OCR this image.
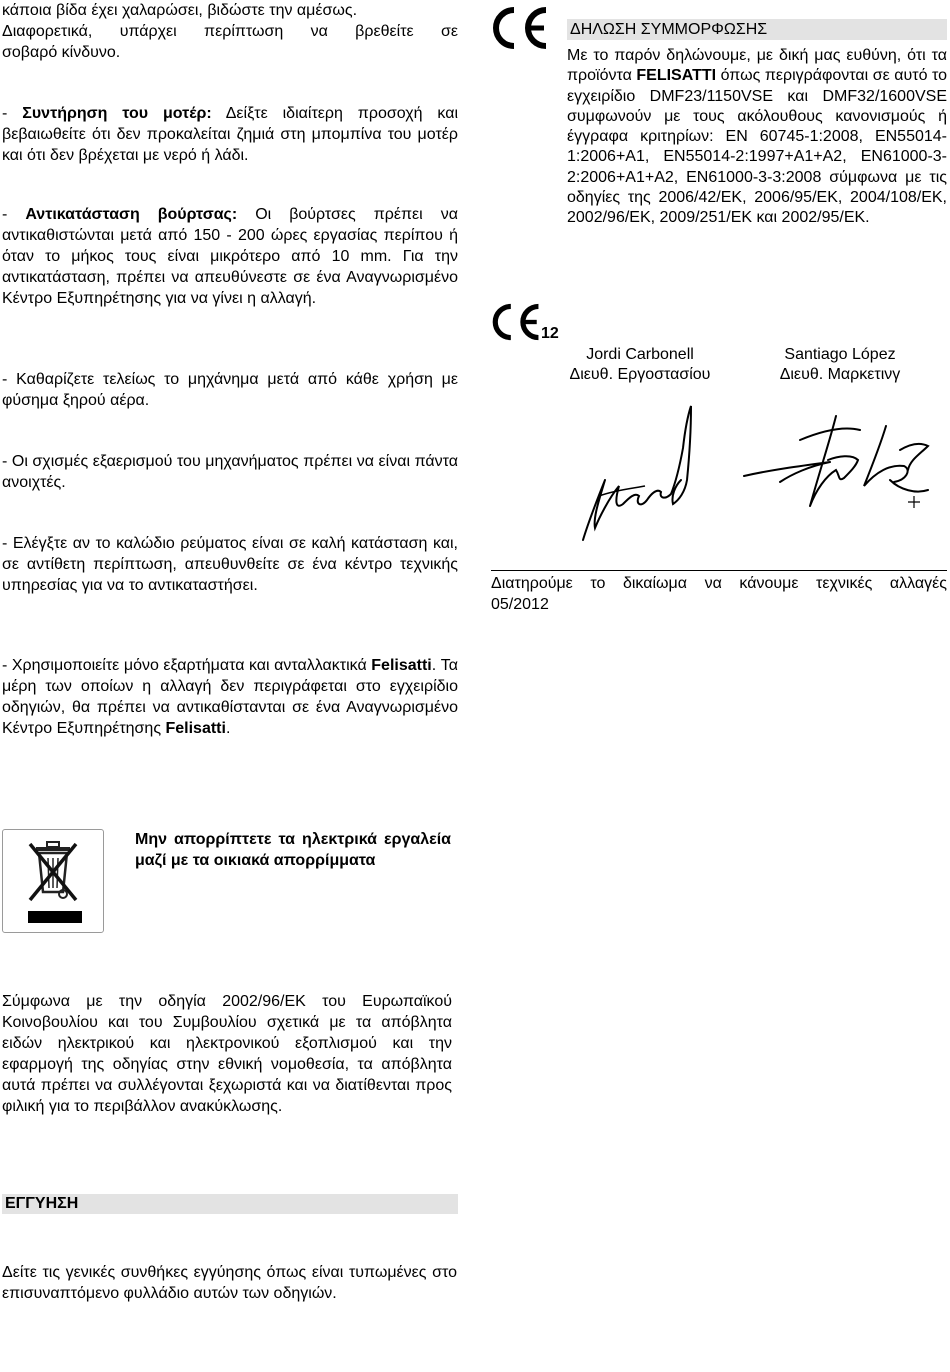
κάποια βίδα έχει χαλαρώσει, βιδώστε την αμέσως.

Διαφορετικά, υπάρχει περίπτωση να βρεθείτε σε

σοβαρό κίνδυνο.

- Συντήρηση του μοτέρ: Δείξτε ιδιαίτερη προσοχή και βεβαιωθείτε ότι δεν προκαλείται ζημιά στη μπομπίνα του μοτέρ και ότι δεν βρέχεται με νερό ή λάδι.
- Αντικατάσταση βούρτσας: Οι βούρτσες πρέπει να αντικαθιστώνται μετά από 150 - 200 ώρες εργασίας περίπου ή όταν το μήκος τους είναι μικρότερο από 10 mm. Για την αντικατάσταση, πρέπει να απευθύνεστε σε ένα Αναγνωρισμένο Κέντρο Εξυπηρέτησης για να γίνει η αλλαγή.
- Καθαρίζετε τελείως το μηχάνημα μετά από κάθε χρήση με φύσημα ξηρού αέρα.
- Οι σχισμές εξαερισμού του μηχανήματος πρέπει να είναι πάντα ανοιχτές.
- Ελέγξτε αν το καλώδιο ρεύματος είναι σε καλή κατάσταση και, σε αντίθετη περίπτωση, απευθυνθείτε σε ένα κέντρο τεχνικής υπηρεσίας για να το αντικαταστήσει.
- Χρησιμοποιείτε μόνο εξαρτήματα και ανταλλακτικά Felisatti. Τα μέρη των οποίων η αλλαγή δεν περιγράφεται στο εγχειρίδιο οδηγιών, θα πρέπει να αντικαθίστανται σε ένα Αναγνωρισμένο Κέντρο Εξυπηρέτησης Felisatti.
Μην απορρίπτετε τα ηλεκτρικά εργαλεία μαζί με τα οικιακά απορρίμματα
Σύμφωνα με την οδηγία 2002/96/ΕΚ του Ευρωπαϊκού Κοινοβουλίου και του Συμβουλίου σχετικά με τα απόβλητα ειδών ηλεκτρικού και ηλεκτρονικού εξοπλισμού και την εφαρμογή της οδηγίας στην εθνική νομοθεσία, τα απόβλητα αυτά πρέπει να συλλέγονται ξεχωριστά και να διατίθενται προς φιλική για το περιβάλλον ανακύκλωσης.
ΕΓΓΥΗΣΗ
Δείτε τις γενικές συνθήκες εγγύησης όπως είναι τυπωμένες στο επισυναπτόμενο φυλλάδιο αυτών των οδηγιών.
ΔΗΛΩΣΗ ΣΥΜΜΟΡΦΩΣΗΣ
Με το παρόν δηλώνουμε, με δική μας ευθύνη, ότι τα προϊόντα FELISATTI όπως περιγράφονται σε αυτό το εγχειρίδιο DMF23/1150VSE και DMF32/1600VSE συμφωνούν με τους ακόλουθους κανονισμούς ή έγγραφα κριτηρίων: EN 60745-1:2008, EN55014-1:2006+A1, EN55014-2:1997+A1+A2, EN61000-3-2:2006+A1+A2, EN61000-3-3:2008 σύμφωνα με τις οδηγίες της 2006/42/ΕΚ, 2006/95/ΕΚ, 2004/108/ΕΚ, 2002/96/ΕΚ, 2009/251/ΕΚ και 2002/95/ΕΚ.
12
Jordi Carbonell
Διευθ. Εργοστασίου
Santiago López
Διευθ. Μαρκετινγ
Διατηρούμε το δικαίωμα να κάνουμε τεχνικές αλλαγές
05/2012
